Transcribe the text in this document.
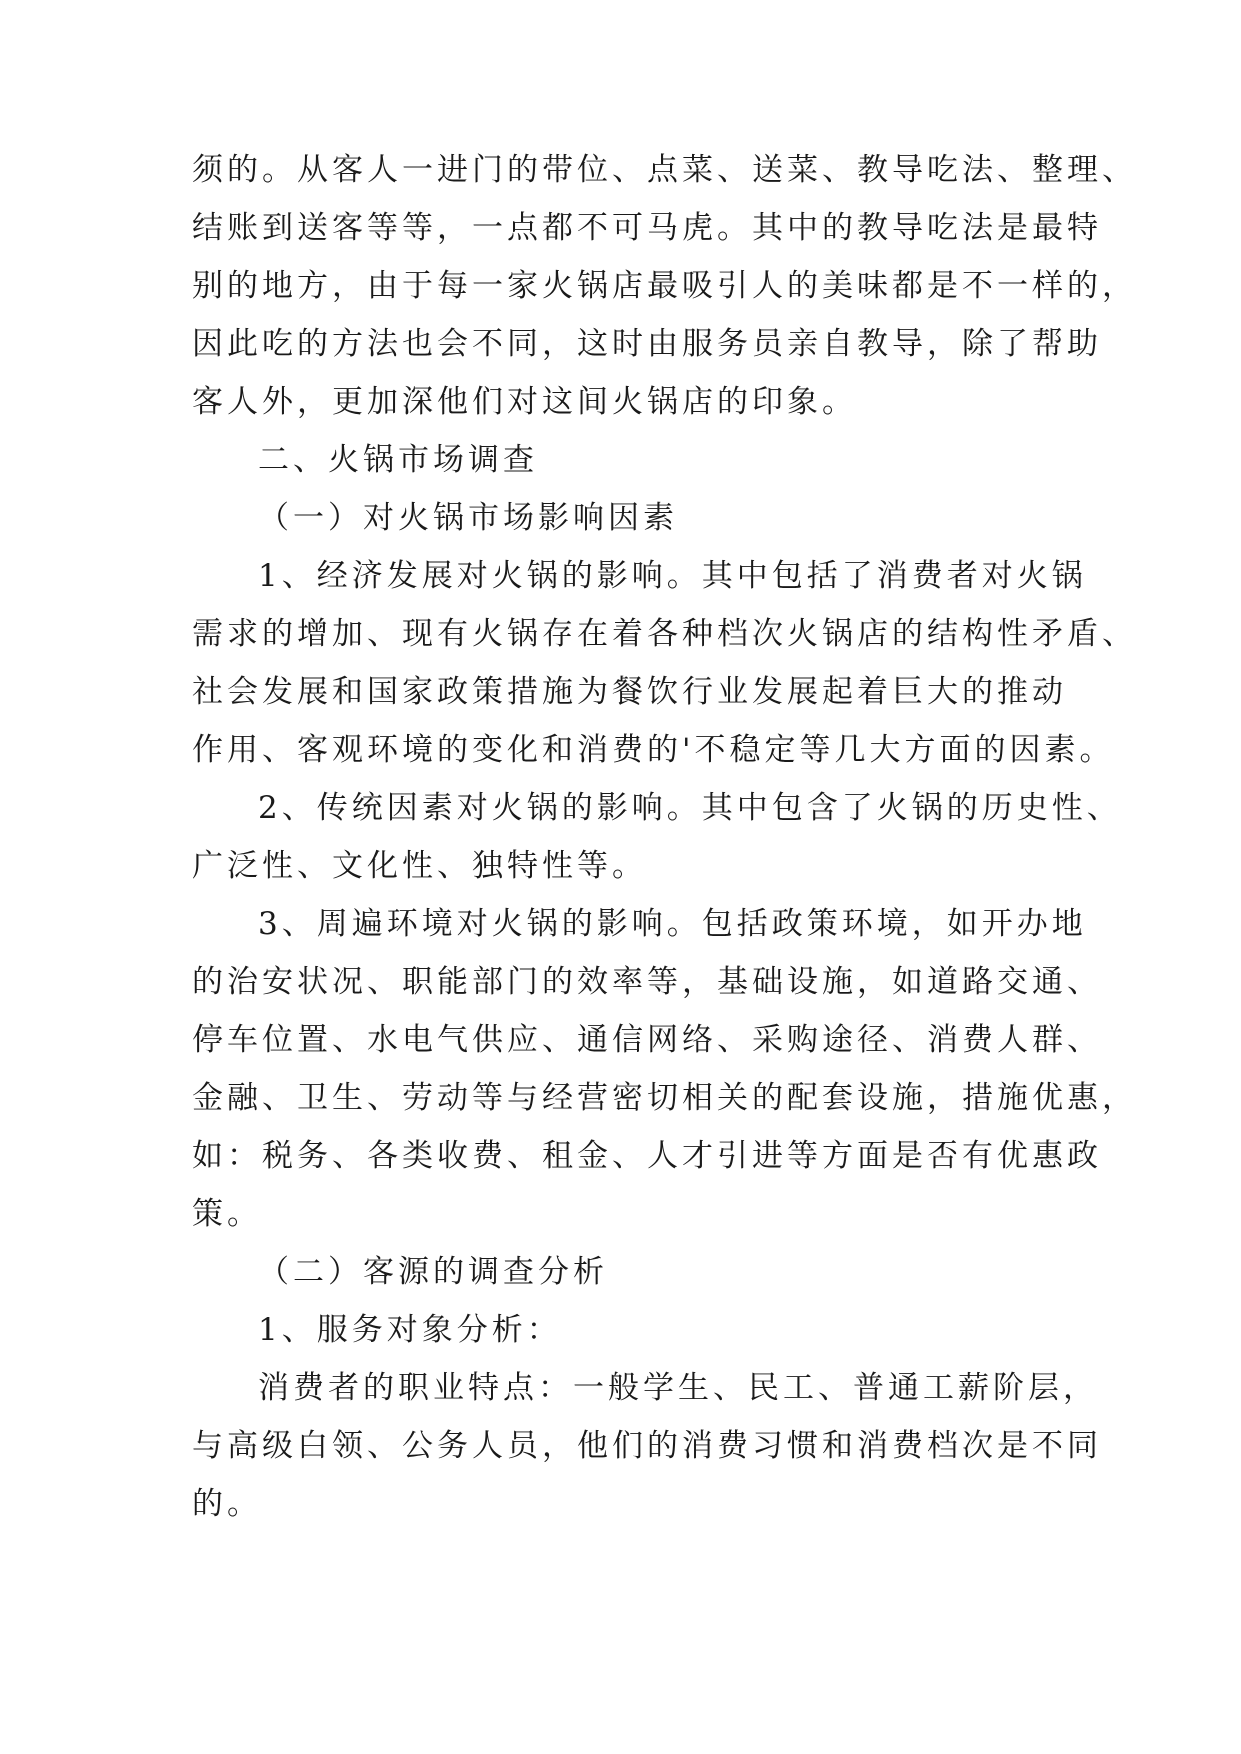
须的。从客人一进门的带位、点菜、送菜、教导吃法、整理、
结账到送客等等，一点都不可马虎。其中的教导吃法是最特
别的地方，由于每一家火锅店最吸引人的美味都是不一样的，
因此吃的方法也会不同，这时由服务员亲自教导，除了帮助
客人外，更加深他们对这间火锅店的印象。
二、火锅市场调查
（一）对火锅市场影响因素
1、经济发展对火锅的影响。其中包括了消费者对火锅
需求的增加、现有火锅存在着各种档次火锅店的结构性矛盾、
社会发展和国家政策措施为餐饮行业发展起着巨大的推动
作用、客观环境的变化和消费的'不稳定等几大方面的因素。
2、传统因素对火锅的影响。其中包含了火锅的历史性、
广泛性、文化性、独特性等。
3、周遍环境对火锅的影响。包括政策环境，如开办地
的治安状况、职能部门的效率等，基础设施，如道路交通、
停车位置、水电气供应、通信网络、采购途径、消费人群、
金融、卫生、劳动等与经营密切相关的配套设施，措施优惠，
如：税务、各类收费、租金、人才引进等方面是否有优惠政
策。
（二）客源的调查分析
1、服务对象分析：
消费者的职业特点：一般学生、民工、普通工薪阶层，
与高级白领、公务人员，他们的消费习惯和消费档次是不同
的。
